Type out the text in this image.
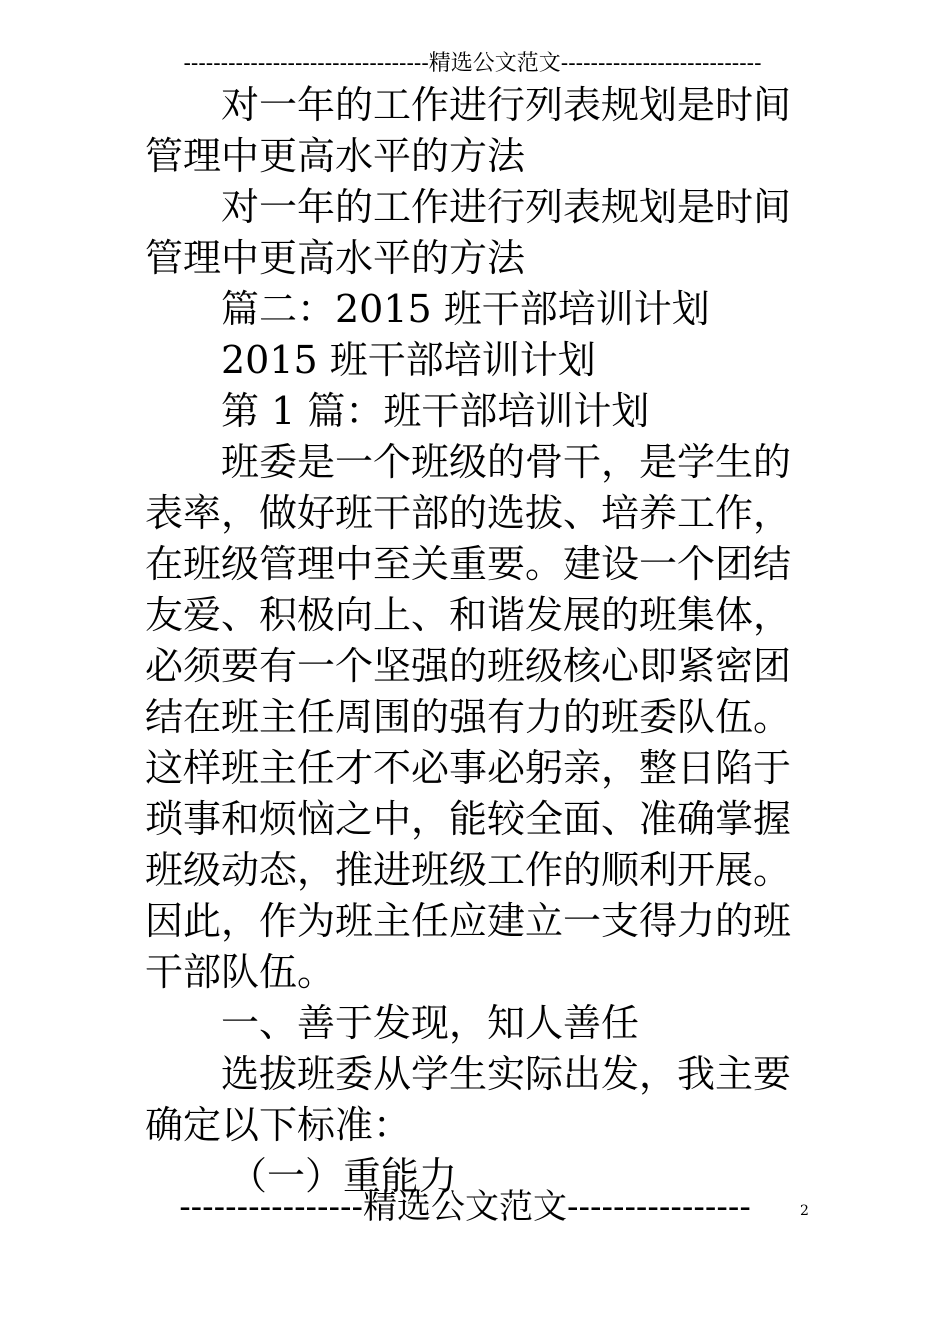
---------------------------------精选公文范文---------------------------

对一年的工作进行列表规划是时间管理中更高水平的方法

对一年的工作进行列表规划是时间管理中更高水平的方法

篇二：2015 班干部培训计划

2015 班干部培训计划

第 1 篇：班干部培训计划

班委是一个班级的骨干，是学生的表率，做好班干部的选拔、培养工作，在班级管理中至关重要。建设一个团结友爱、积极向上、和谐发展的班集体，必须要有一个坚强的班级核心即紧密团结在班主任周围的强有力的班委队伍。这样班主任才不必事必躬亲，整日陷于琐事和烦恼之中，能较全面、准确掌握班级动态，推进班级工作的顺利开展。因此，作为班主任应建立一支得力的班干部队伍。

一、善于发现，知人善任

选拔班委从学生实际出发，我主要确定以下标准：

（一）重能力

----------------精选公文范文----------------	2
